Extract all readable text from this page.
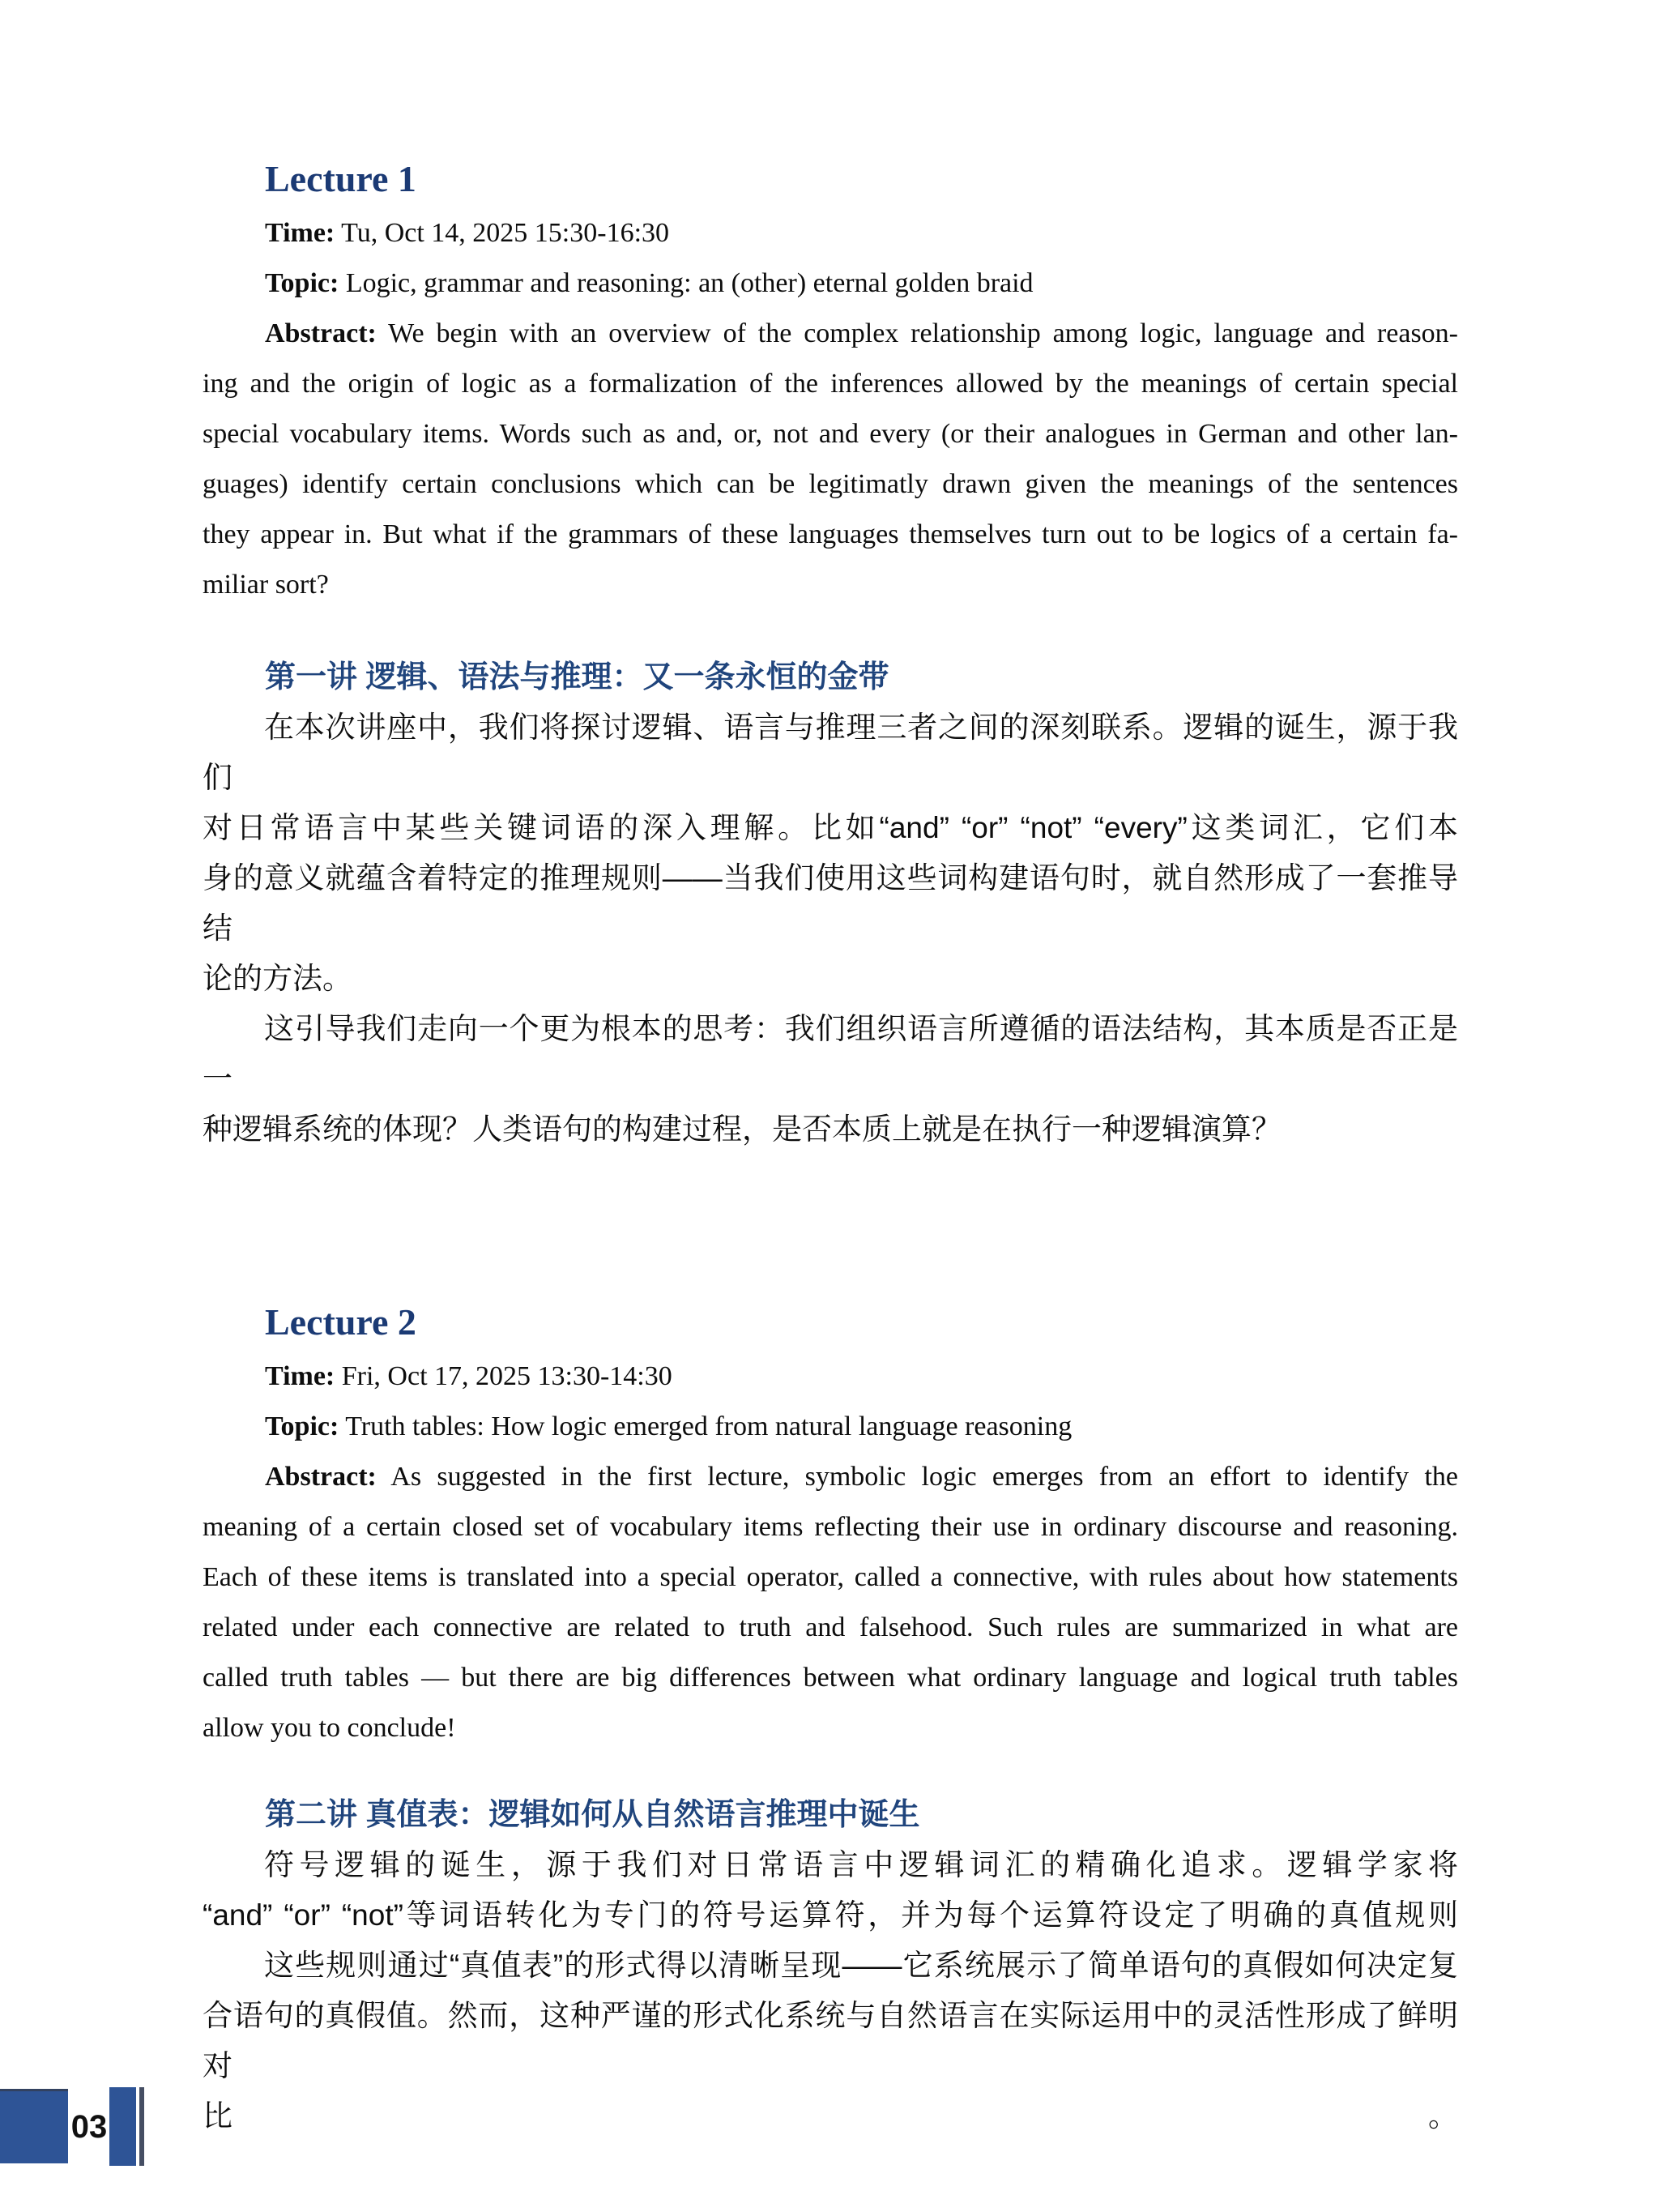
Lecture 1
Time: Tu, Oct 14, 2025 15:30-16:30
Topic: Logic, grammar and reasoning: an (other) eternal golden braid
Abstract: We begin with an overview of the complex relationship among logic, language and reason-
ing and the origin of logic as a formalization of the inferences allowed by the meanings of certain special
special vocabulary items. Words such as and, or, not and every (or their analogues in German and other lan-
guages) identify certain conclusions which can be legitimatly drawn given the meanings of the sentences
they appear in. But what if the grammars of these languages themselves turn out to be logics of a certain fa-
miliar sort?
第一讲 逻辑、语法与推理：又一条永恒的金带
在本次讲座中，我们将探讨逻辑、语言与推理三者之间的深刻联系。逻辑的诞生，源于我们
对日常语言中某些关键词语的深入理解。比如“and” “or” “not” “every”这类词汇，它们本
身的意义就蕴含着特定的推理规则——当我们使用这些词构建语句时，就自然形成了一套推导结
论的方法。
这引导我们走向一个更为根本的思考：我们组织语言所遵循的语法结构，其本质是否正是一
种逻辑系统的体现？人类语句的构建过程，是否本质上就是在执行一种逻辑演算？
Lecture 2
Time: Fri, Oct 17, 2025 13:30-14:30
Topic: Truth tables: How logic emerged from natural language reasoning
Abstract: As suggested in the first lecture, symbolic logic emerges from an effort to identify the
meaning of a certain closed set of vocabulary items reflecting their use in ordinary discourse and reasoning.
Each of these items is translated into a special operator, called a connective, with rules about how statements
related under each connective are related to truth and falsehood. Such rules are summarized in what are
called truth tables — but there are big differences between what ordinary language and logical truth tables
allow you to conclude!
第二讲 真值表：逻辑如何从自然语言推理中诞生
符号逻辑的诞生，源于我们对日常语言中逻辑词汇的精确化追求。逻辑学家将
“and” “or” “not”等词语转化为专门的符号运算符，并为每个运算符设定了明确的真值规则
这些规则通过“真值表”的形式得以清晰呈现——它系统展示了简单语句的真假如何决定复
合语句的真假值。然而，这种严谨的形式化系统与自然语言在实际运用中的灵活性形成了鲜明对
比	。
03
